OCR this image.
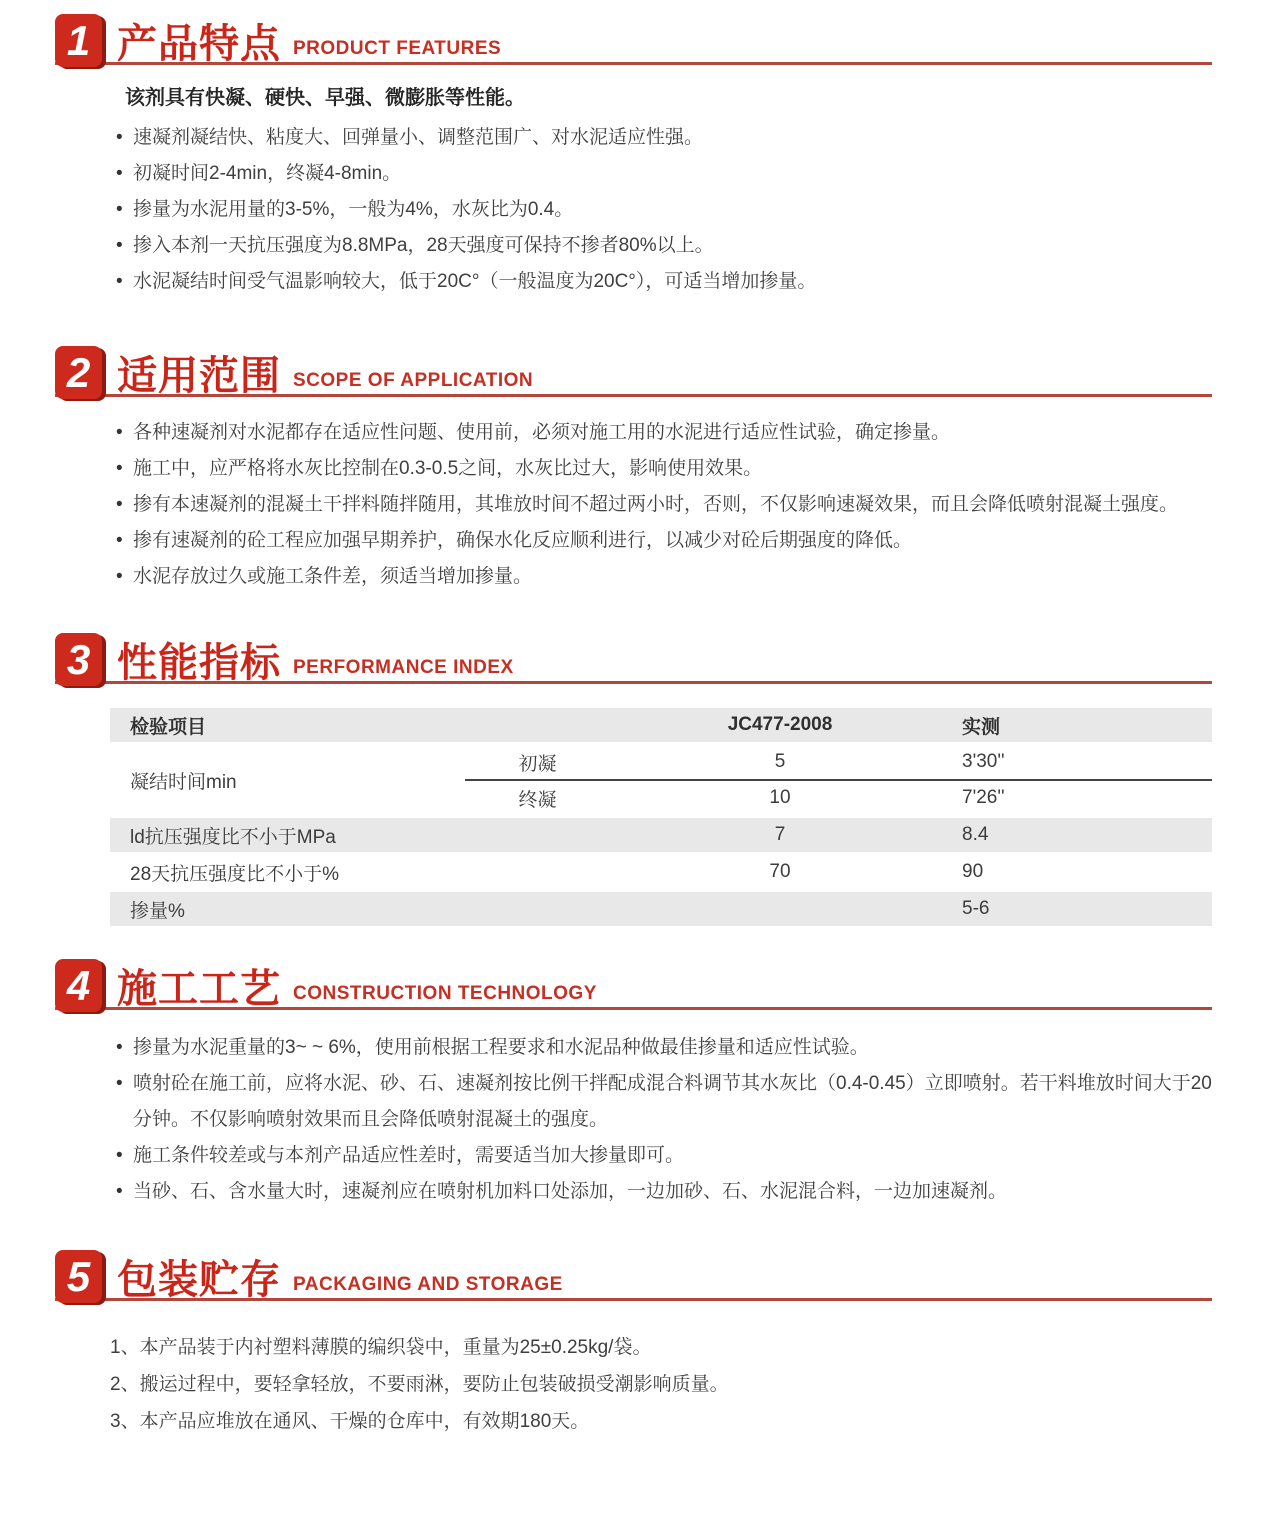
1 产品特点 PRODUCT FEATURES

该剂具有快凝、硬快、早强、微膨胀等性能。

• 速凝剂凝结快、粘度大、回弹量小、调整范围广、对水泥适应性强。
• 初凝时间2-4min，终凝4-8min。
• 掺量为水泥用量的3-5%，一般为4%，水灰比为0.4。
• 掺入本剂一天抗压强度为8.8MPa，28天强度可保持不掺者80%以上。
• 水泥凝结时间受气温影响较大，低于20C°（一般温度为20C°），可适当增加掺量。
2 适用范围 SCOPE OF APPLICATION
• 各种速凝剂对水泥都存在适应性问题、使用前，必须对施工用的水泥进行适应性试验，确定掺量。
• 施工中，应严格将水灰比控制在0.3-0.5之间，水灰比过大，影响使用效果。
• 掺有本速凝剂的混凝土干拌料随拌随用，其堆放时间不超过两小时，否则，不仅影响速凝效果，而且会降低喷射混凝土强度。
• 掺有速凝剂的砼工程应加强早期养护，确保水化反应顺利进行，以减少对砼后期强度的降低。
• 水泥存放过久或施工条件差，须适当增加掺量。
3 性能指标 PERFORMANCE INDEX
检验项目		JC477-2008	实测
凝结时间min	初凝	5	3'30''
	终凝	10	7'26''
ld抗压强度比不小于MPa		7	8.4
28天抗压强度比不小于%		70	90
掺量%			5-6
4 施工工艺 CONSTRUCTION TECHNOLOGY
• 掺量为水泥重量的3~ ~ 6%，使用前根据工程要求和水泥品种做最佳掺量和适应性试验。
• 喷射砼在施工前，应将水泥、砂、石、速凝剂按比例干拌配成混合料调节其水灰比（0.4-0.45）立即喷射。若干料堆放时间大于20分钟。不仅影响喷射效果而且会降低喷射混凝土的强度。
• 施工条件较差或与本剂产品适应性差时，需要适当加大掺量即可。
• 当砂、石、含水量大时，速凝剂应在喷射机加料口处添加，一边加砂、石、水泥混合料，一边加速凝剂。
5 包装贮存 PACKAGING AND STORAGE
1、本产品装于内衬塑料薄膜的编织袋中，重量为25±0.25kg/袋。
2、搬运过程中，要轻拿轻放，不要雨淋，要防止包装破损受潮影响质量。
3、本产品应堆放在通风、干燥的仓库中，有效期180天。
